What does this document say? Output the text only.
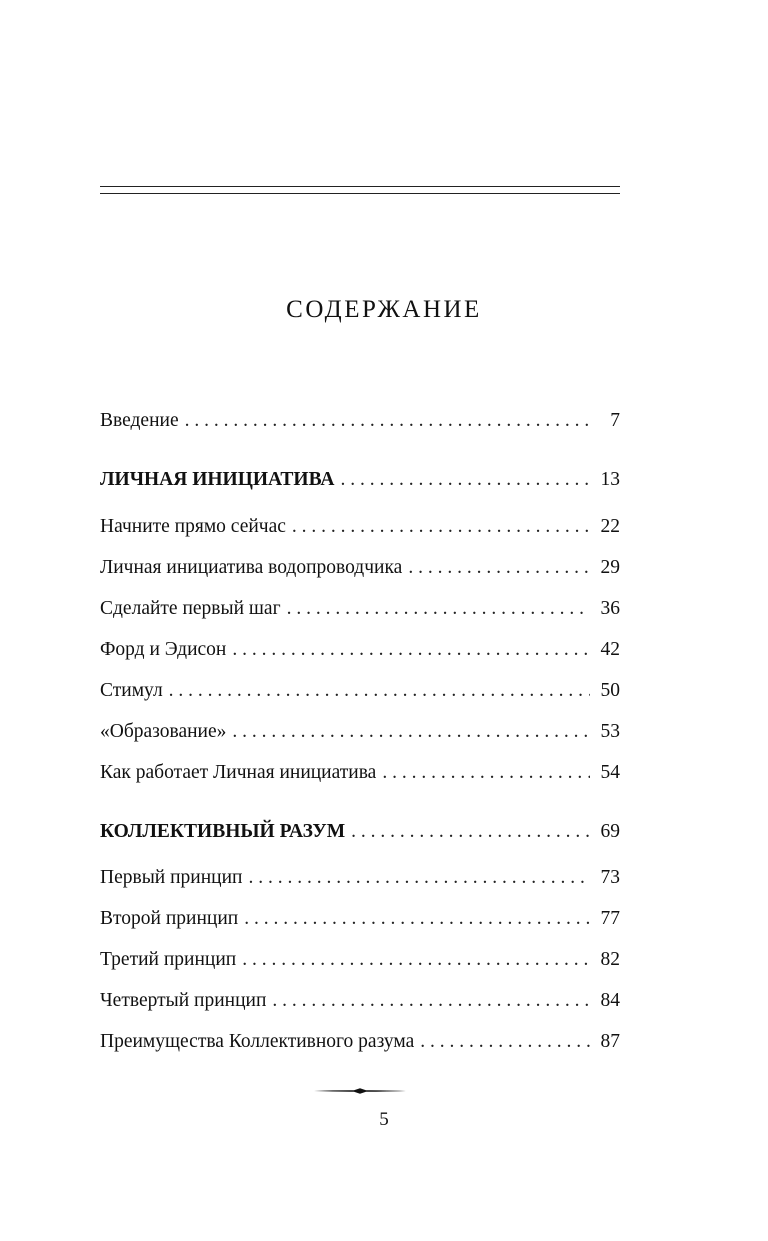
СОДЕРЖАНИЕ
Введение . . .	7
ЛИЧНАЯ ИНИЦИАТИВА . . .	13
Начните прямо сейчас . . .	22
Личная инициатива водопроводчика . . .	29
Сделайте первый шаг . . .	36
Форд и Эдисон . . .	42
Стимул . . .	50
«Образование» . . .	53
Как работает Личная инициатива . . .	54
КОЛЛЕКТИВНЫЙ РАЗУМ . . .	69
Первый принцип . . .	73
Второй принцип . . .	77
Третий принцип . . .	82
Четвертый принцип . . .	84
Преимущества Коллективного разума . . .	87
5
